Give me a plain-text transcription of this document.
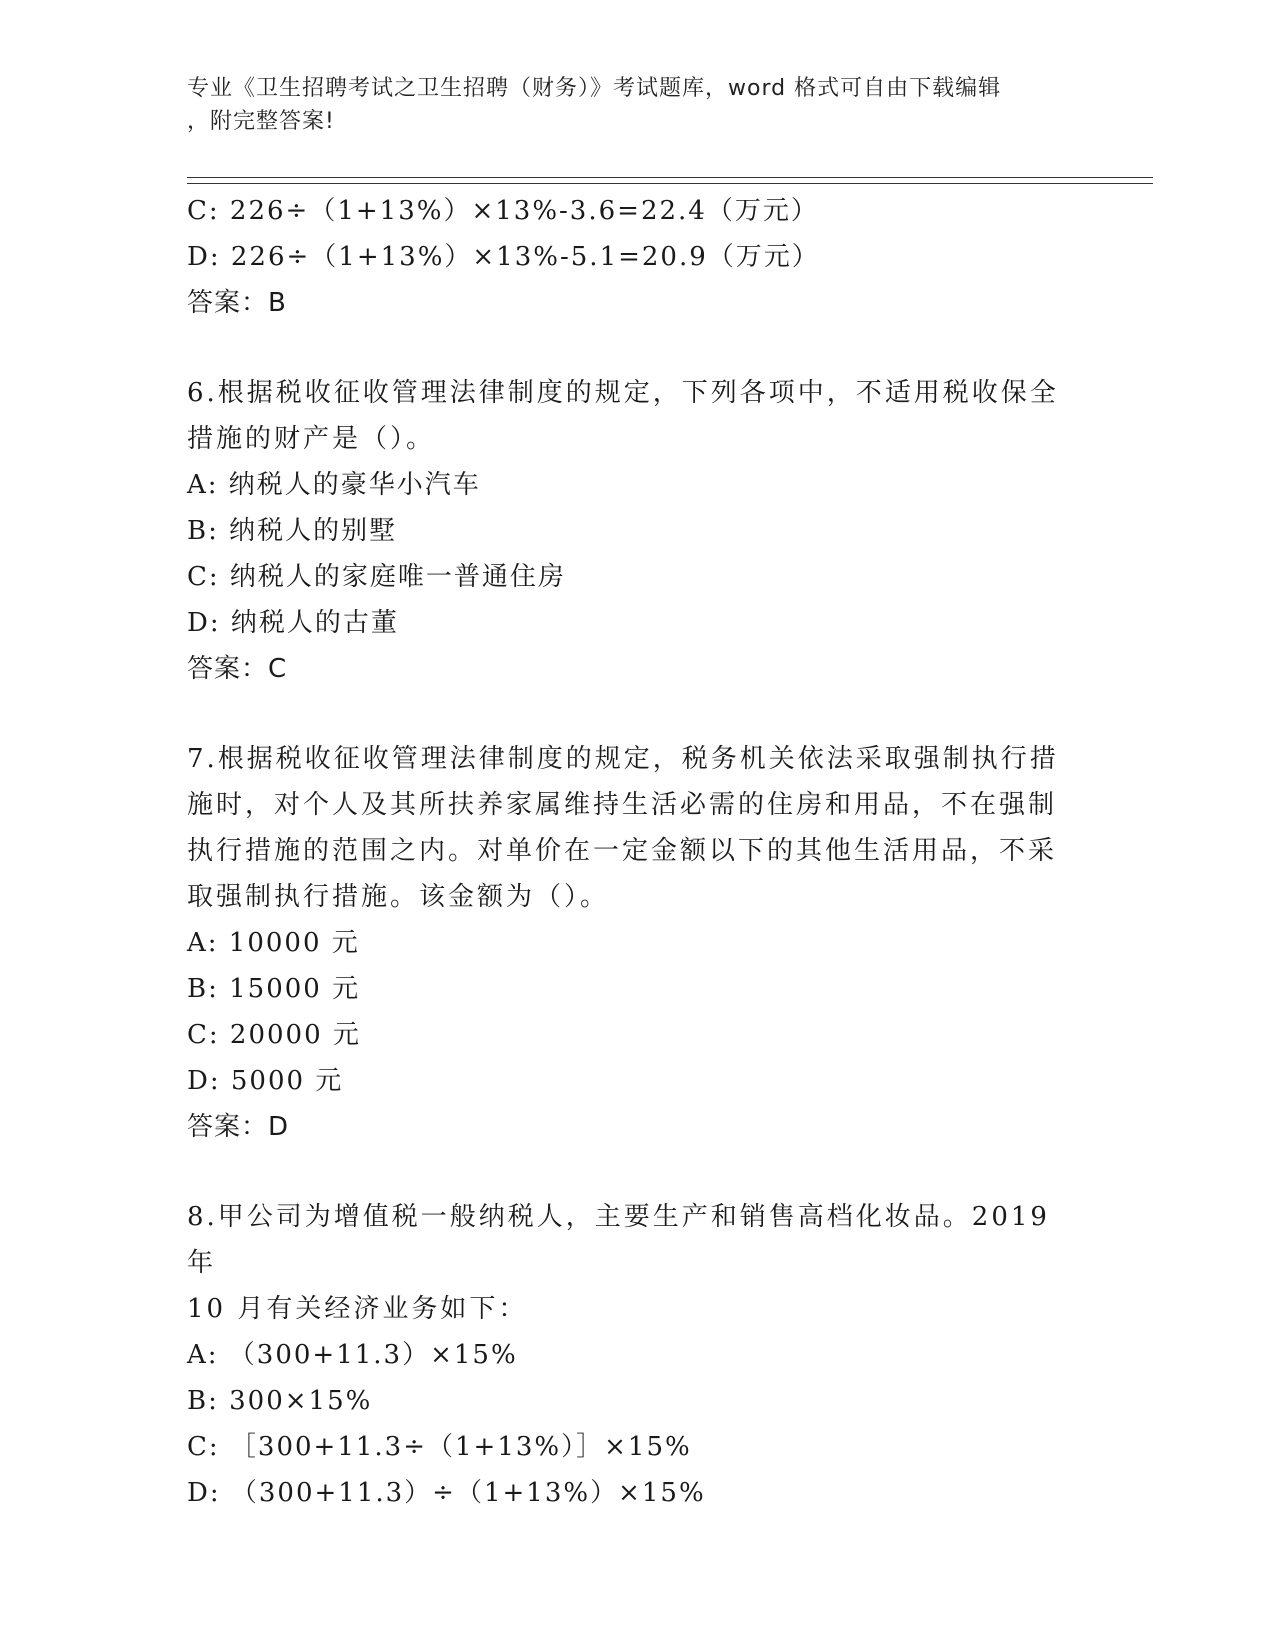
专业《卫生招聘考试之卫生招聘（财务）》考试题库，word 格式可自由下载编辑
，附完整答案!
C: 226÷（1+13%）×13%-3.6=22.4（万元）
D: 226÷（1+13%）×13%-5.1=20.9（万元）
答案：B
6.根据税收征收管理法律制度的规定，下列各项中，不适用税收保全
措施的财产是（）。
A: 纳税人的豪华小汽车
B: 纳税人的别墅
C: 纳税人的家庭唯一普通住房
D: 纳税人的古董
答案：C
7.根据税收征收管理法律制度的规定，税务机关依法采取强制执行措
施时，对个人及其所扶养家属维持生活必需的住房和用品，不在强制
执行措施的范围之内。对单价在一定金额以下的其他生活用品，不采
取强制执行措施。该金额为（）。
A: 10000 元
B: 15000 元
C: 20000 元
D: 5000 元
答案：D
8.甲公司为增值税一般纳税人，主要生产和销售高档化妆品。2019 年
10 月有关经济业务如下：
A: （300+11.3）×15%
B: 300×15%
C: ［300+11.3÷（1+13%）］×15%
D: （300+11.3）÷（1+13%）×15%
